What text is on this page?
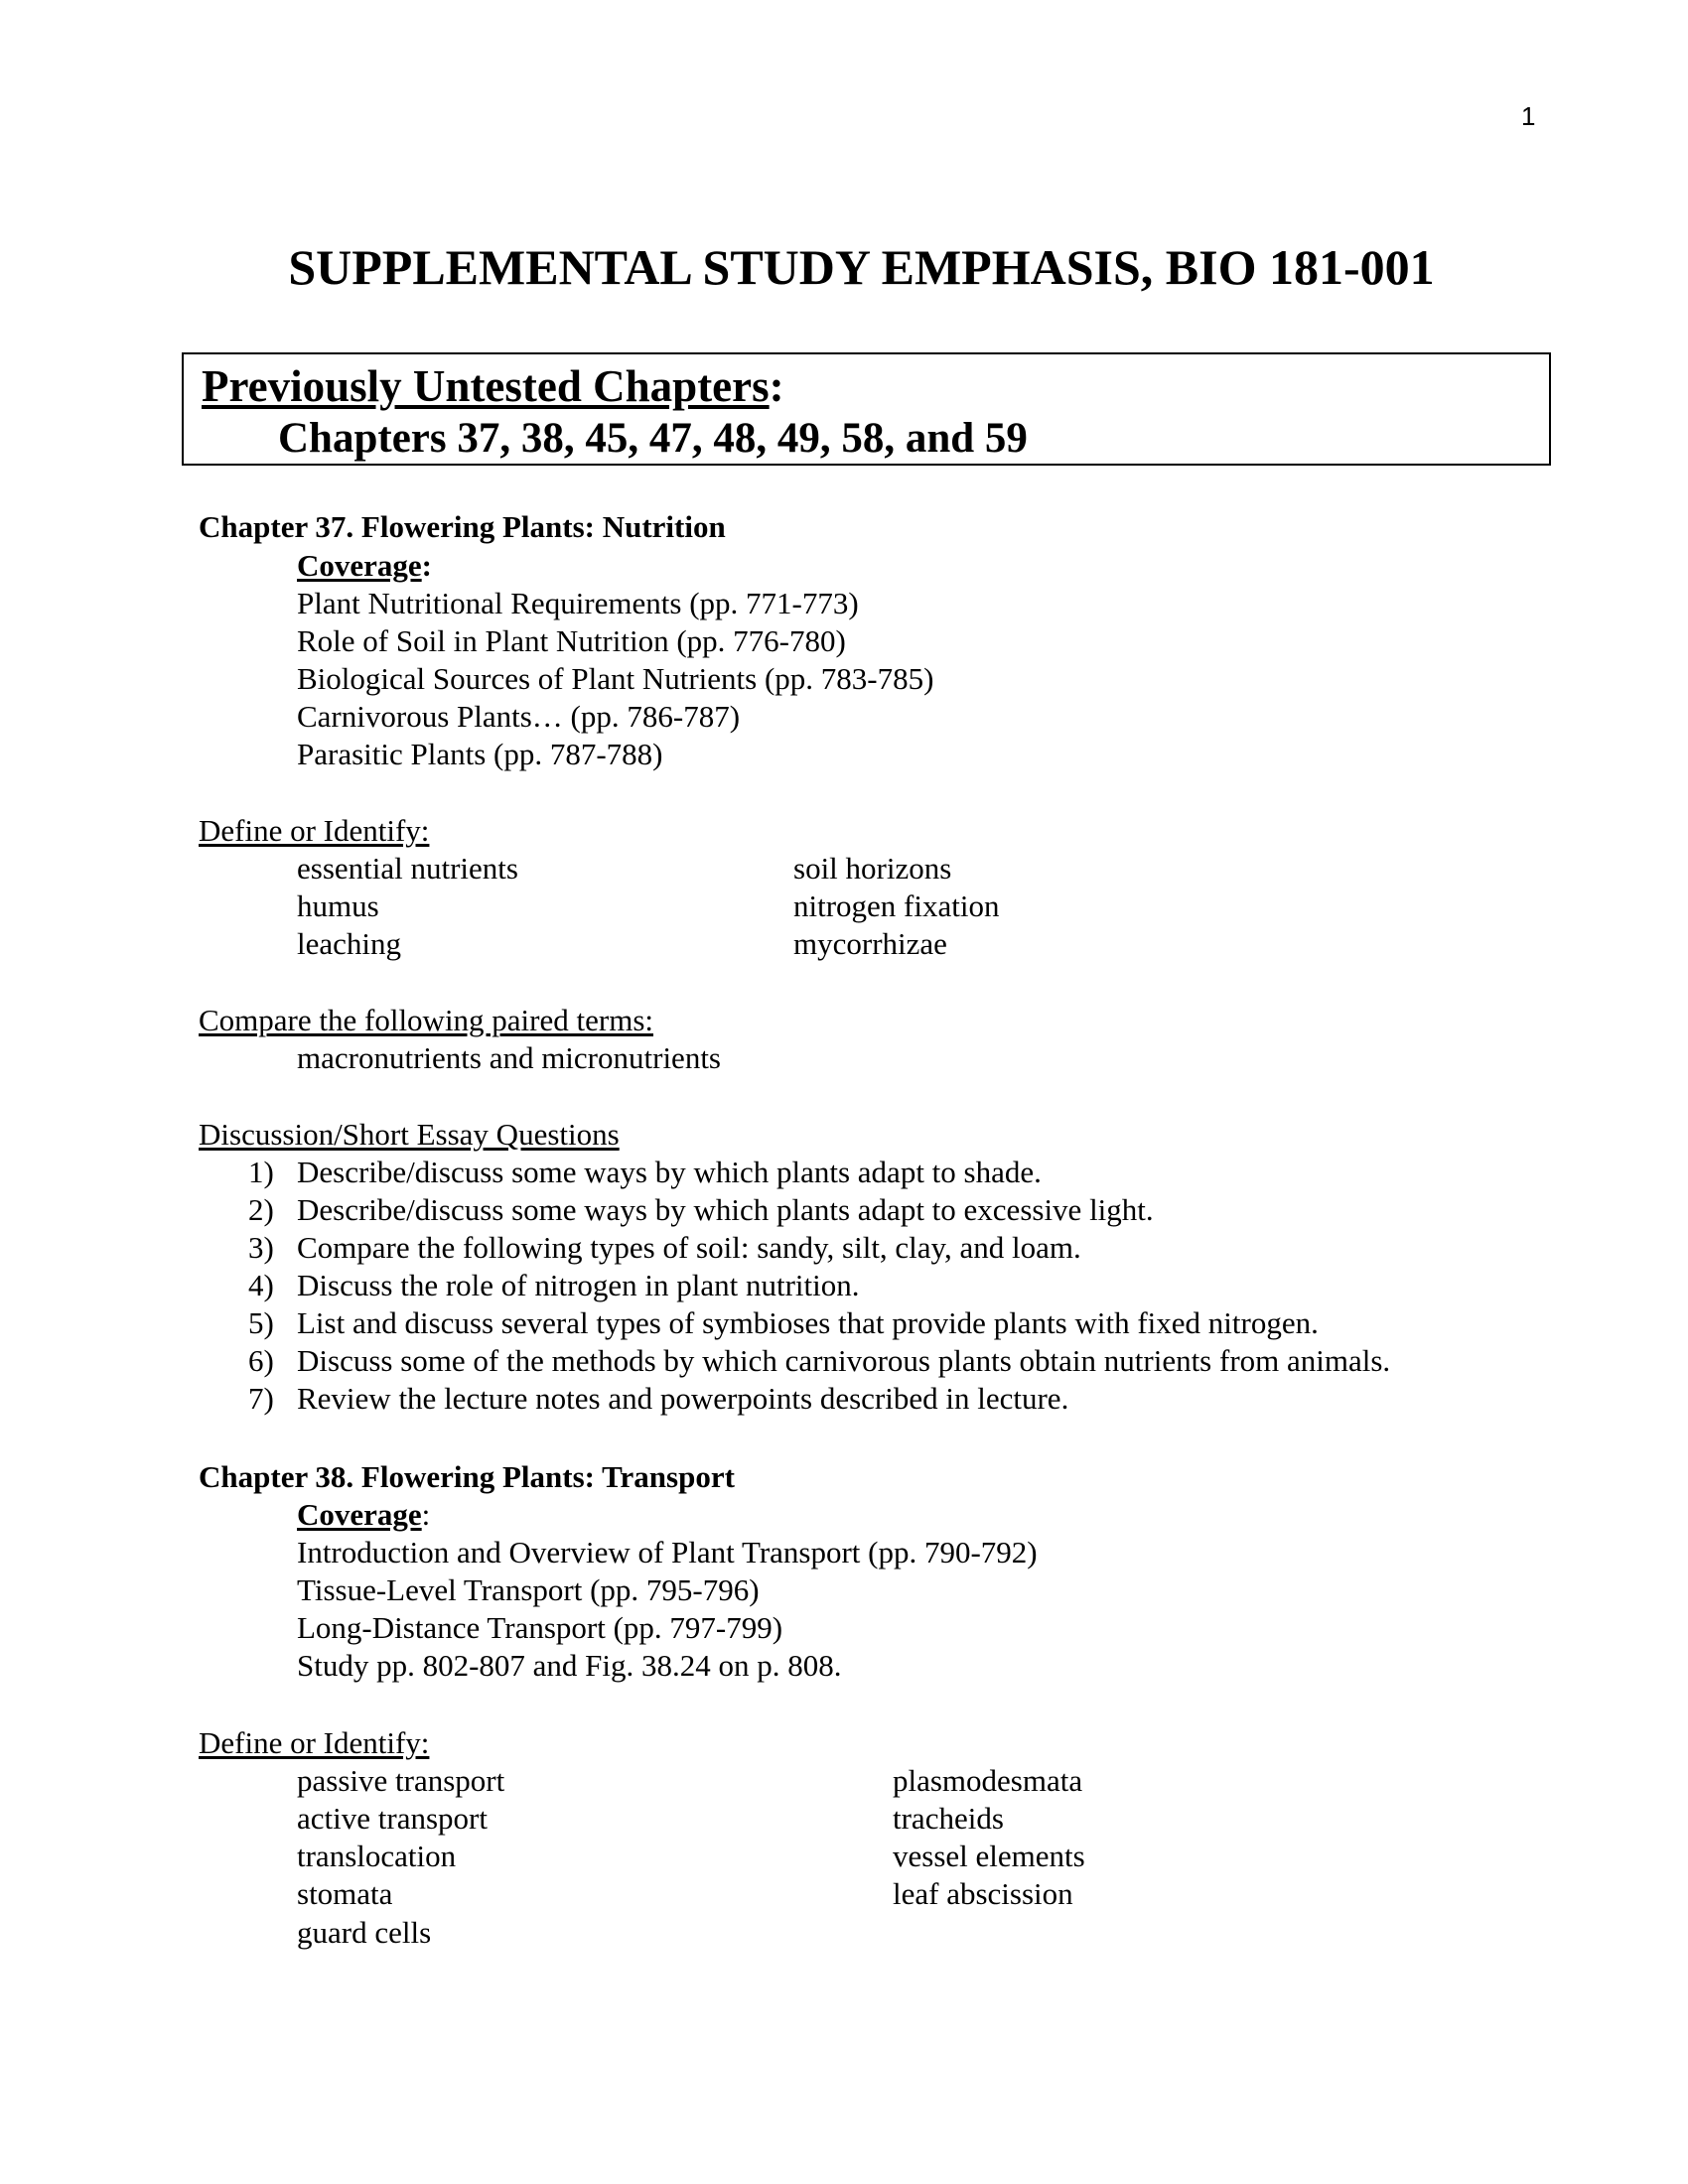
1
SUPPLEMENTAL STUDY EMPHASIS, BIO 181-001
Previously Untested Chapters:
Chapters 37, 38, 45, 47, 48, 49, 58, and 59
Chapter 37. Flowering Plants: Nutrition
Coverage:
Plant Nutritional Requirements (pp. 771-773)
Role of Soil in Plant Nutrition (pp. 776-780)
Biological Sources of Plant Nutrients (pp. 783-785)
Carnivorous Plants… (pp. 786-787)
Parasitic Plants (pp. 787-788)
Define or Identify:
essential nutrients
humus
leaching
soil horizons
nitrogen fixation
mycorrhizae
Compare the following paired terms:
macronutrients and micronutrients
Discussion/Short Essay Questions
1) Describe/discuss some ways by which plants adapt to shade.
2) Describe/discuss some ways by which plants adapt to excessive light.
3) Compare the following types of soil: sandy, silt, clay, and loam.
4) Discuss the role of nitrogen in plant nutrition.
5) List and discuss several types of symbioses that provide plants with fixed nitrogen.
6) Discuss some of the methods by which carnivorous plants obtain nutrients from animals.
7) Review the lecture notes and powerpoints described in lecture.
Chapter 38. Flowering Plants: Transport
Coverage:
Introduction and Overview of Plant Transport (pp. 790-792)
Tissue-Level Transport (pp. 795-796)
Long-Distance Transport (pp. 797-799)
Study pp. 802-807 and Fig. 38.24 on p. 808.
Define or Identify:
passive transport
active transport
translocation
stomata
guard cells
plasmodesmata
tracheids
vessel elements
leaf abscission
